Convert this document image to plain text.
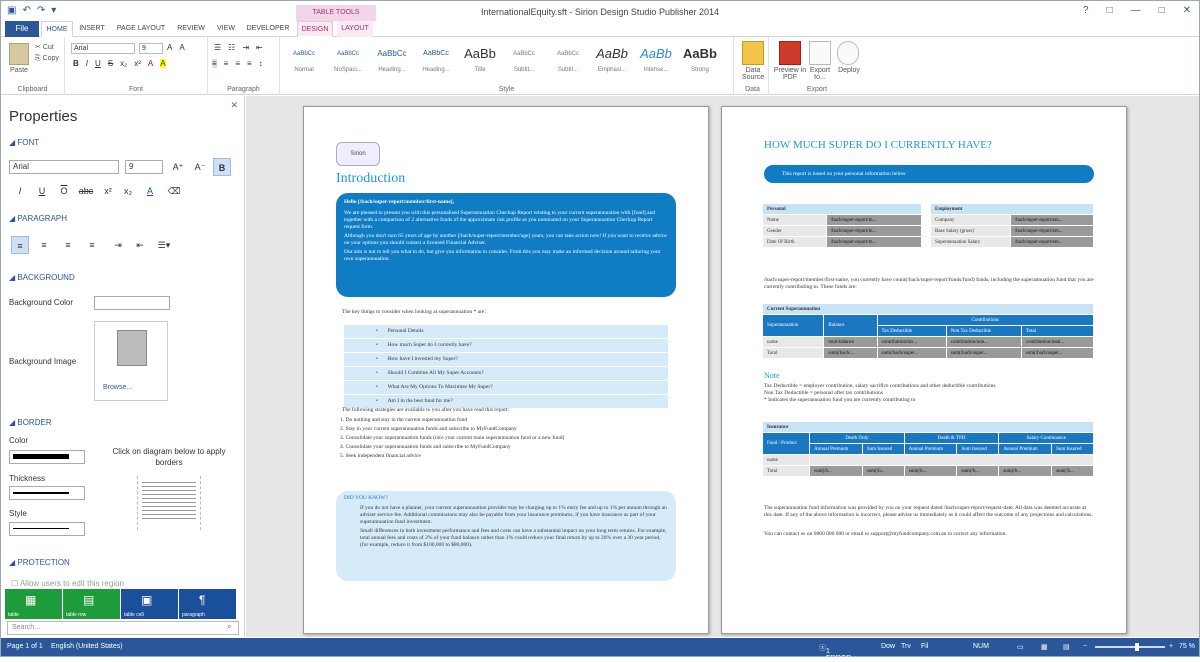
▣ ↶ ↷ ▾	TABLE TOOLS	InternationalEquity.sft - Sirion Design Studio Publisher 2014	? □ — □ ✕
File	HOME	INSERT	PAGE LAYOUT	REVIEW	VIEW	DEVELOPER	DESIGN	LAYOUT
Paste
✂ Cut
⎘ Copy
Clipboard
Arial	9	A A
B I U S x₂ x² A A
Font
☰ ☷ ⇥ ⇤
≡ ≡ ≡ ≡ ↕
Paragraph
AaBbCc
Normal
AaBbCc
NoSpaci...
AaBbCc
Heading...
AaBbCc
Heading...
AaBb
Title
AaBbCc
Subtit...
AaBbCc
Subtit...
AaBb
Emphasi...
AaBb
Intense...
AaBb
Strong
Style
Data Source
Data
Preview in PDF
Export to...
Deploy
Export
✕
Properties
◢ FONT
Arial	9	A⁺	A⁻	B
I	U	$\overline{O}$	abc	x²	x₂	A	⌫
◢ PARAGRAPH
≡	≡	≡	≡	⇥	⇤	☰▾
◢ BACKGROUND
Background Color
Background Image
Browse...
◢ BORDER
Color
Thickness
Style
Click on diagram below to apply borders
◢ PROTECTION
☐ Allow users to edit this region
▦
table
▤
table row
▣
table cell
¶
paragraph
Search...	⌕
Sirion
Introduction
Hello [/bach/super-report/member/first-name],
We are pleased to present you with this personalised Superannuation Checkup Report relating to your current superannuation with [fund] and together with a comparison of 2 alternative funds of the approximate risk profile as you nominated on your Superannuation Checkup Report request form.
Although you don't turn 65 years of age by another [/bach/super-report/member/age] years, you can take action now! If you want to receive advice on your options you should contact a licensed Financial Adviser.
Our aim is not to tell you what to do, but give you information to consider. From this you may make an informed decision around tailoring your own superannuation.
The key things to consider when looking at superannuation * are:
•       Personal Details
•       How much Super do I currently have?
•       How have I invested my Super?
•       Should I Combine All My Super Accounts?
•       What Are My Options To Maximise My Super?
•       Am I in the best fund for me?
The following strategies are available to you after you have read this report:
1. Do nothing and stay in the current superannuation fund
2. Stay in your current superannuation funds and subscribe to MyFundCompany
3. Consolidate your superannuation funds (into your current main superannuation fund or a new fund)
4. Consolidate your superannuation funds and subscribe to MyFundCompany
5. Seek independent financial advice
DID YOU KNOW?
If you do not have a planner, your current superannuation provider may be charging up to 1% entry fee and up to 1% per annum through an adviser service fee. Additional commissions may also be payable from your insurance premiums, if you have insurance as part of your superannuation fund investment.
Small differences in both investment performance and fees and costs can have a substantial impact on your long term returns. For example, total annual fees and costs of 2% of your fund balance rather than 1% could reduce your final return by up to 20% over a 30 year period, (for example, reduce it from $100,000 to $80,000).
HOW MUCH SUPER DO I CURRENTLY HAVE?
This report is based on your personal information below
Personal	
Name	/bach/super-report/m...
Gender	/bach/super-report/m...
Date Of Birth	/bach/super-report/m...
Employment	
Company	/bach/super-report/em...
Base Salary (gross)	/bach/super-report/em...
Superannuation Salary	/bach/super-report/em...
/bach/super-report/member/first-name, you currently have count(/bach/super-report/funds/fund) funds, including the superannuation fund that you are currently contributing to. These funds are:
Current Superannuation				
Superannuation	Balance	Contributions		
		Tax Deductible	Non Tax Deductible	Total
name	total-balance	contribution/tax...	contribution/non...	contribution/total...
Total	sum(/bach/...	sum(/bach/super...	sum(/bach/super...	sum(/bach/super...
Note
Tax Deductible = employer contribution, salary sacrifice contributions and other deductible contributions
Non Tax Deductible = personal after tax contributions
* Indicates the superannuation fund you are currently contributing to
Insurance						
Fund / Product	Death Only		Death & TPD		Salary Continuance	
	Annual Premium	Sum Insured	Annual Premium	Sum Insured	Annual Premium	Sum Insured
name						
Total	sum(/b...	sum(/b...	sum(/b...	sum(/b...	sum(/b...	sum(/b...
The superannuation fund information was provided by you on your request dated /bach/super-report/request-date. All data was deemed accurate at this date. If any of the above information is incorrect, please advise us immediately as it could affect the outcome of any projections and calculations.
You can contact us on 0800 000 000 or email to support@myfundcompany.com.au to correct any information.
Page 1 of 1 English (United States)	ⓧ 1 ERROR
Dow Trv Fil	NUM	▭ ▦ ▤ −	+ 75 %
